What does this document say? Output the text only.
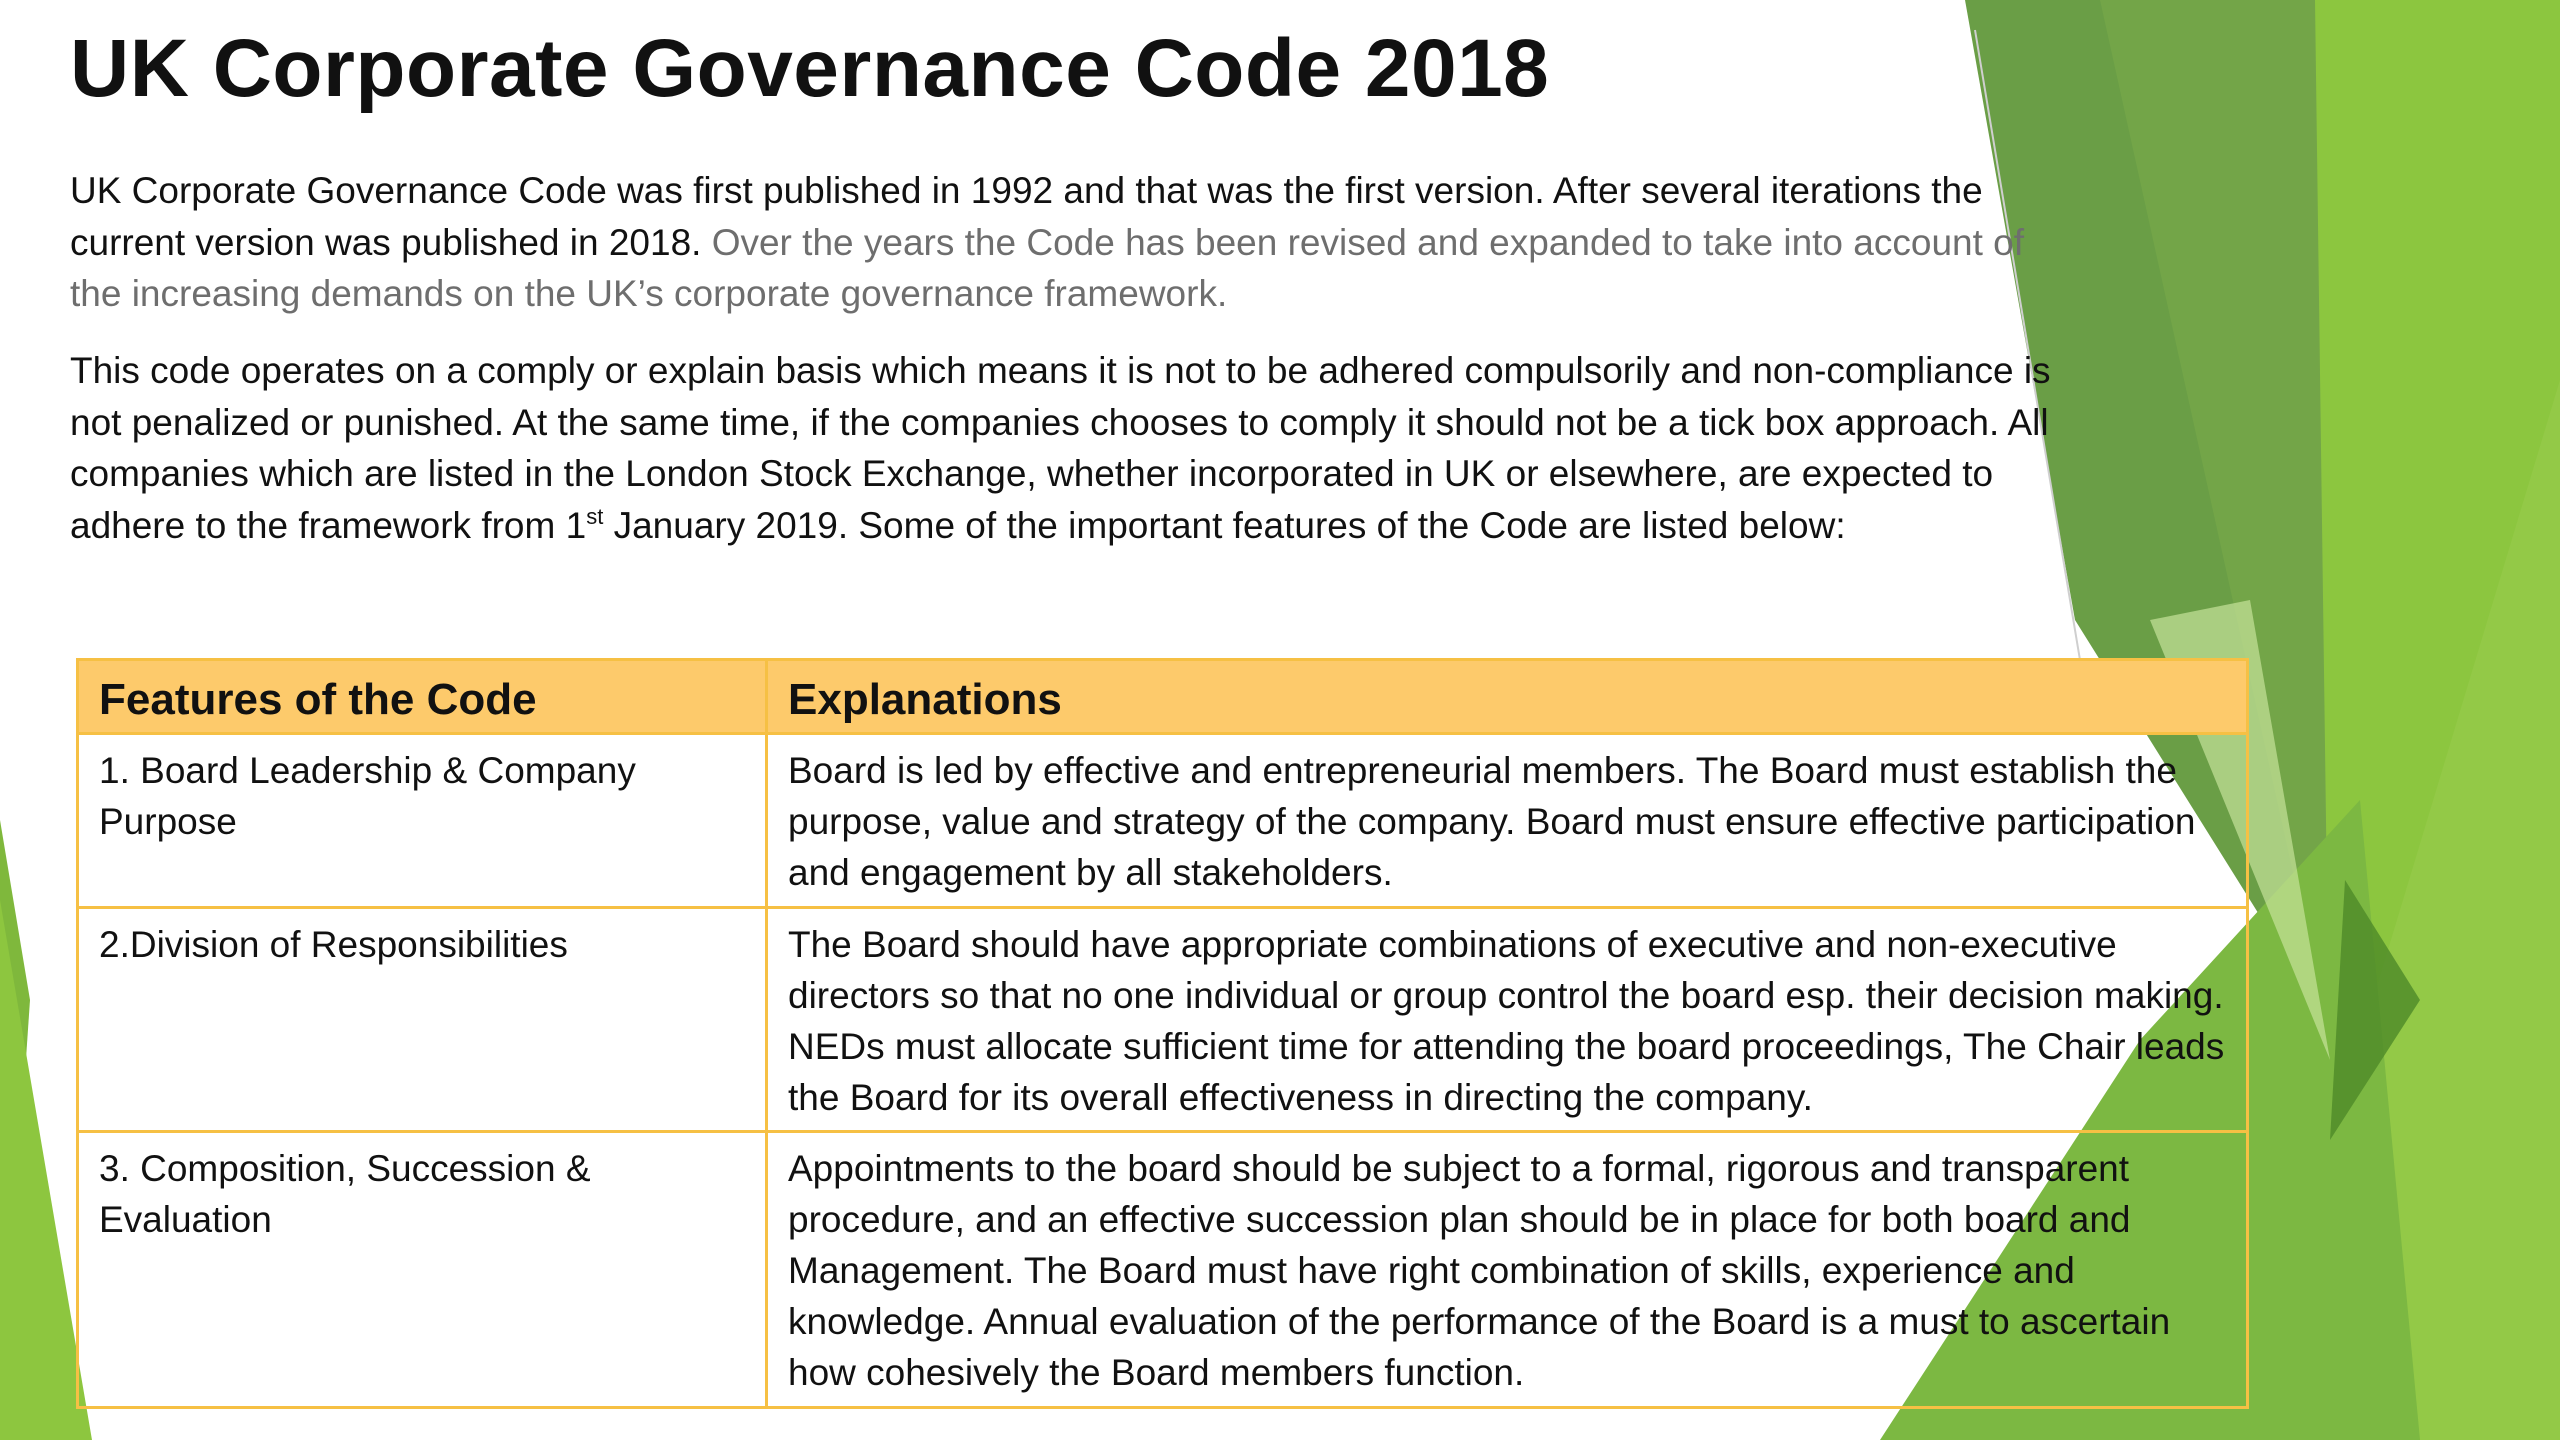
UK Corporate Governance Code 2018

UK Corporate Governance Code was first published in 1992 and that was the first version. After several iterations the current version was published in 2018. Over the years the Code has been revised and expanded to take into account of the increasing demands on the UK’s corporate governance framework.

This code operates on a comply or explain basis which means it is not to be adhered compulsorily and non-compliance is not penalized or punished. At the same time, if the companies chooses to comply it should not be a tick box approach. All companies which are listed in the London Stock Exchange, whether incorporated in UK or elsewhere, are expected to adhere to the framework from 1st January 2019. Some of the important features of the Code are listed below:

Features of the Code	Explanations
1. Board Leadership & Company Purpose	Board is led by effective and entrepreneurial members. The Board must establish the purpose, value and strategy of the company. Board must ensure effective participation and engagement by all stakeholders.
2.Division of Responsibilities	The Board should have appropriate combinations of executive and non-executive directors so that no one individual or group control the board esp. their decision making. NEDs must allocate sufficient time for attending the board proceedings, The Chair leads the Board for its overall effectiveness in directing the company.
3. Composition, Succession & Evaluation	Appointments to the board should be subject to a formal, rigorous and transparent procedure, and an effective succession plan should be in place for both board and Management. The Board must have right combination of skills, experience and knowledge. Annual evaluation of the performance of the Board is a must to ascertain how cohesively the Board members function.
